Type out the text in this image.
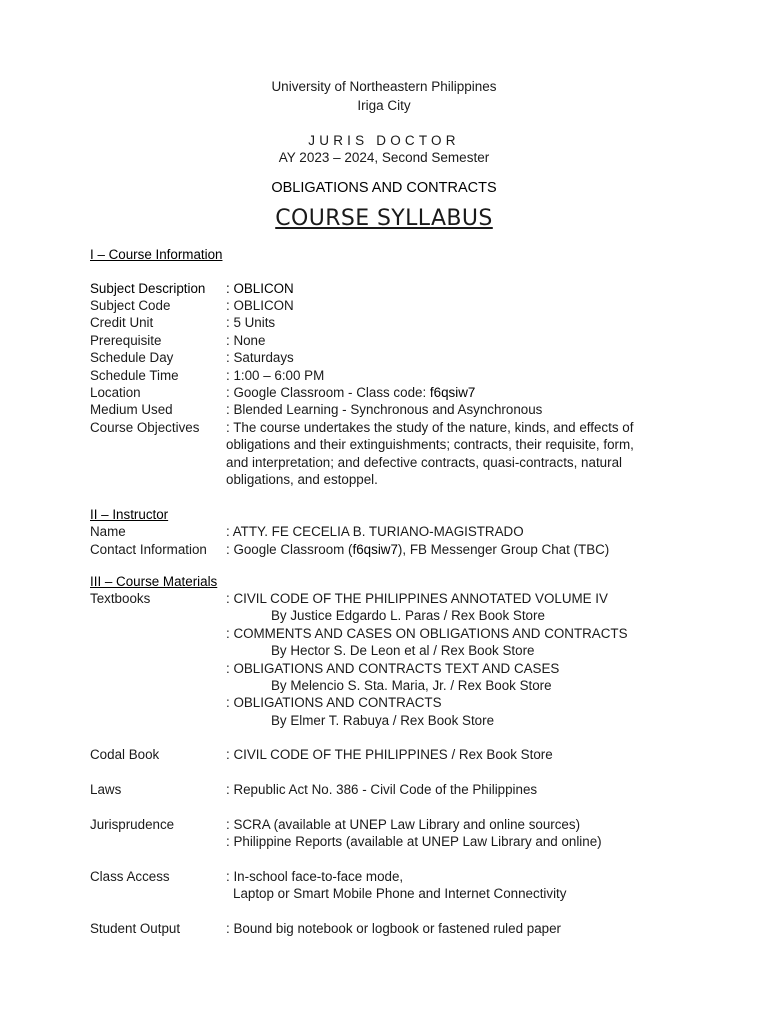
University of Northeastern Philippines
Iriga City
JURIS DOCTOR
AY 2023 – 2024, Second Semester
OBLIGATIONS AND CONTRACTS
COURSE SYLLABUS
I – Course Information
Subject Description : OBLICON
Subject Code	: OBLICON
Credit Unit	: 5 Units
Prerequisite	: None
Schedule Day	: Saturdays
Schedule Time	: 1:00 – 6:00 PM
Location	: Google Classroom - Class code: f6qsiw7
Medium Used	: Blended Learning - Synchronous and Asynchronous
Course Objectives : The course undertakes the study of the nature, kinds, and effects of
obligations and their extinguishments; contracts, their requisite, form,
and interpretation; and defective contracts, quasi-contracts, natural
obligations, and estoppel.
II – Instructor
Name	: ATTY. FE CECELIA B. TURIANO-MAGISTRADO
Contact Information : Google Classroom (f6qsiw7), FB Messenger Group Chat (TBC)
III – Course Materials
Textbooks	: CIVIL CODE OF THE PHILIPPINES ANNOTATED VOLUME IV
By Justice Edgardo L. Paras / Rex Book Store
: COMMENTS AND CASES ON OBLIGATIONS AND CONTRACTS
By Hector S. De Leon et al / Rex Book Store
: OBLIGATIONS AND CONTRACTS TEXT AND CASES
By Melencio S. Sta. Maria, Jr. / Rex Book Store
: OBLIGATIONS AND CONTRACTS
By Elmer T. Rabuya / Rex Book Store
Codal Book	: CIVIL CODE OF THE PHILIPPINES / Rex Book Store
Laws	: Republic Act No. 386 - Civil Code of the Philippines
Jurisprudence	: SCRA (available at UNEP Law Library and online sources)
: Philippine Reports (available at UNEP Law Library and online)
Class Access	: In-school face-to-face mode,
Laptop or Smart Mobile Phone and Internet Connectivity
Student Output	: Bound big notebook or logbook or fastened ruled paper
